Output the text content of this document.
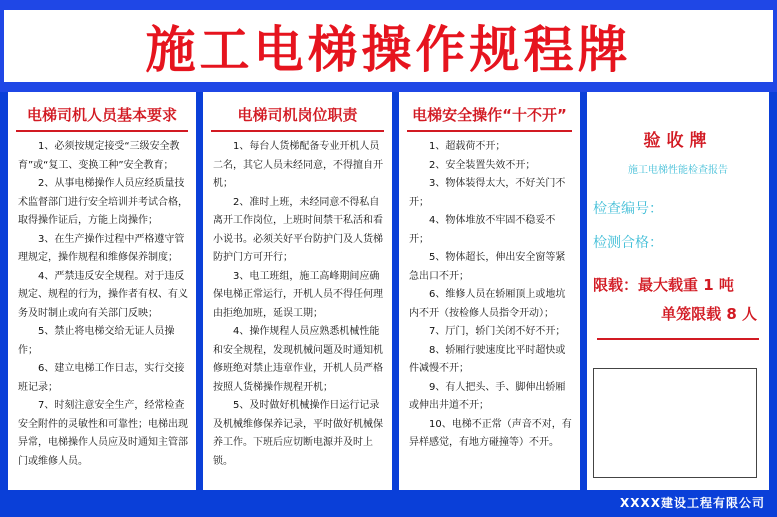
施工电梯操作规程牌
电梯司机人员基本要求

1、必须按规定接受“三级安全教育”或“复工、变换工种”安全教育；

2、从事电梯操作人员应经质量技术监督部门进行安全培训并考试合格，取得操作证后，方能上岗操作；

3、在生产操作过程中严格遵守管理规定，操作规程和维修保养制度；

4、严禁违反安全规程。对于违反规定、规程的行为，操作者有权、有义务及时制止或向有关部门反映；

5、禁止将电梯交给无证人员操作；

6、建立电梯工作日志，实行交接班记录；

7、时刻注意安全生产，经常检查安全附件的灵敏性和可靠性；电梯出现异常，电梯操作人员应及时通知主管部门或维修人员。

电梯司机岗位职责

1、每台人货梯配备专业开机人员二名，其它人员未经同意，不得擅自开机；

2、准时上班，未经同意不得私自离开工作岗位，上班时间禁干私活和看小说书。必须关好平台防护门及人货梯防护门方可开行；

3、电工班组，施工高峰期间应确保电梯正常运行，开机人员不得任何理由拒绝加班，延误工期；

4、操作规程人员应熟悉机械性能和安全规程，发现机械问题及时通知机修班绝对禁止违章作业，开机人员严格按照人货梯操作规程开机；

5、及时做好机械操作日运行记录及机械维修保养记录，平时做好机械保养工作。下班后应切断电源并及时上锁。

电梯安全操作“十不开”

1、超载荷不开；

2、安全装置失效不开；

3、物体装得太大，不好关门不开；

4、物体堆放不牢固不稳妥不开；

5、物体超长，伸出安全窗等紧急出口不开；

6、维修人员在轿厢顶上或地坑内不开（按检修人员指令开动）；

7、厅门，轿门关闭不好不开；

8、轿厢行驶速度比平时超快或件减慢不开；

9、有人把头、手、脚伸出轿厢或伸出井道不开；

10、电梯不正常（声音不对，有异样感觉，有地方碰撞等）不开。

验收牌
施工电梯性能检查报告
检查编号：
检测合格：
限载：最大载重 1 吨
单笼限载 8 人
XXXX建设工程有限公司
